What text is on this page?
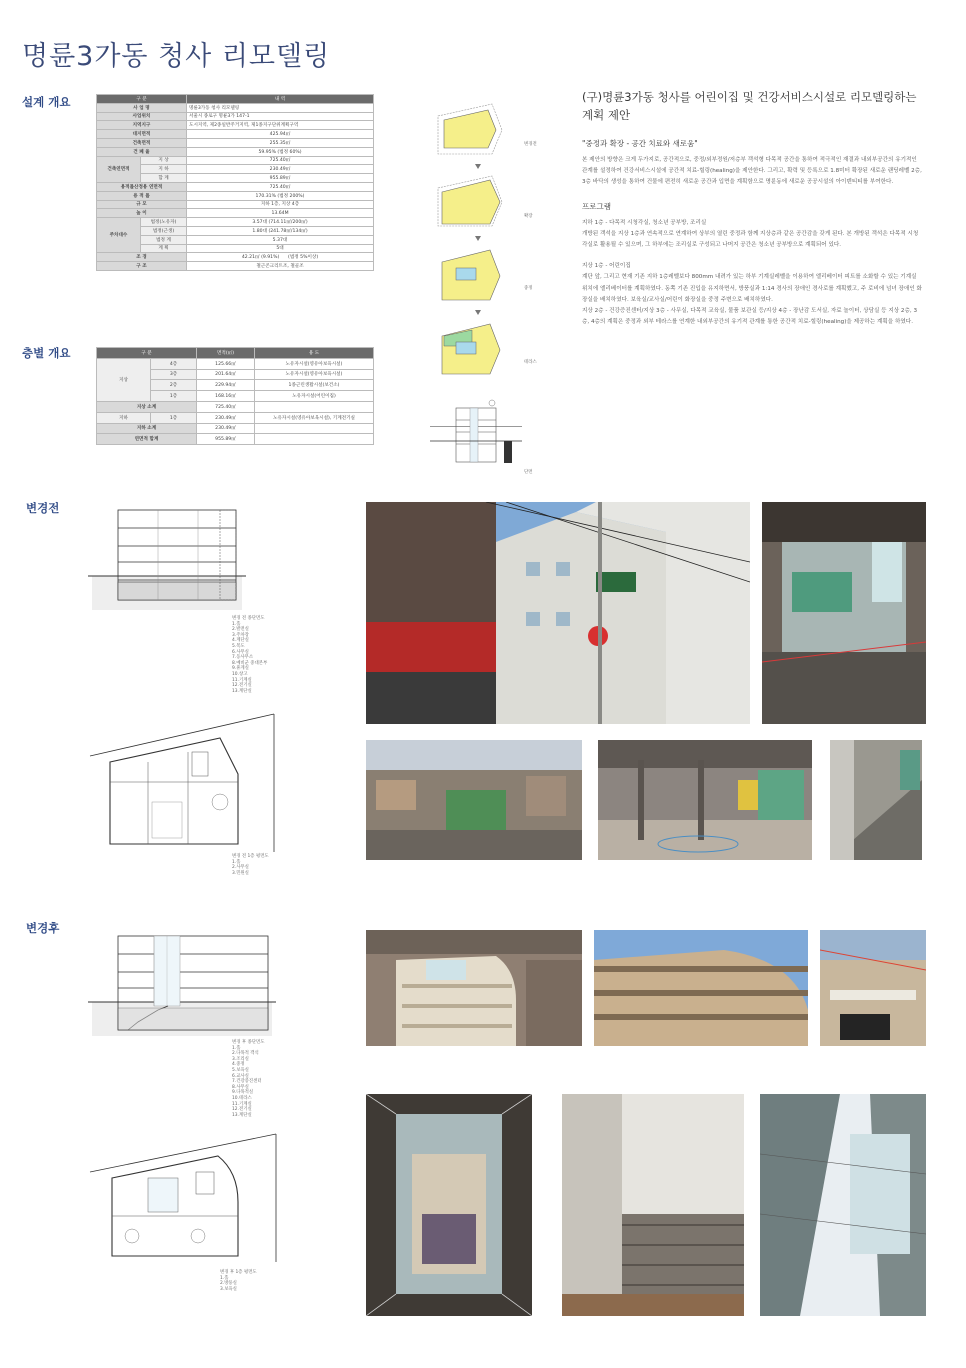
명륜3가동 청사 리모델링
설계 개요
층별 개요
변경전
변경후
구 분		내 역
사 업 명		명륜3가동 청사 리모델링
사업위치		서울시 종로구 명륜3가 147-1
지역지구		도시지역, 제2종일반주거지역, 제1종지구단위계획구역
대지면적		425.94㎡
건축면적		255.35㎡
건 폐 율		59.95% (법정 60%)
건축연면적	지 상	725.40㎡
	지 하	230.49㎡
	합 계	955.89㎡
용적률산정용 연면적		725.40㎡
용 적 률		170.31% (법정 200%)
규 모		지하 1층, 지상 4층
높 이		13.64M
주차대수	법정(노유자)	3.57대 (714.11㎡/200㎡)
	법정(근생)	1.80대 (241.78㎡/134㎡)
	법정 계	5.37대
	계 획	5대
조 경		42.21㎡ (9.91%) (법정 5%이상)
구 조		철근콘크리트조, 철골조
구 분		면적(㎡)	용 도
지상	4층	125.66㎡	노유자시설(영유아보육시설)
	3층	201.64㎡	노유자시설(영유아보육시설)
	2층	229.94㎡	1종근린생활시설(보건소)
	1층	168.16㎡	노유자시설(어린이집)
지상 소계		725.40㎡	
지하	1층	230.49㎡	노유자시설(영유아보육시설), 기계전기실
지하 소계		230.49㎡	
연면적 합계		955.89㎡	
변경전
확장
중정
테라스
단면
(구)명륜3가동 청사를 어린이집 및 건강서비스시설로 리모델링하는 계획 제안
"중정과 확장 - 공간 치료와 새로움"
본 제안의 방향은 크게 두가지로, 공간적으로, 중정/외부정원/저층부 객석형 다목적 공간을 통하여 적극적인 재결과 내외부공간의 유기적인 관계를 설정하여 건강서비스시설에 공간적 치료-힐링(healing)을 제안한다. 그리고, 확력 및 등록으로 1.8미터 확장된 새로운 랜딩레벨 2층, 3층 바닥의 생성을 통하여 건물에 편전히 새로운 공간과 입면을 계획함으로 명륜동에 새로운 공공시설의 아이덴티티를 부여한다.
프로그램
지하 1층 - 다목적 시청각실, 청소년 공부방, 조리실
개방된 객석을 지상 1층과 연속적으로 연계하여 상부의 열린 중정과 함께 지상층과 같은 공간감을 갖게 된다. 본 개방된 객석은 다목적 시청각실로 활용될 수 있으며, 그 하부에는 조리실로 구성되고 나머지 공간은 청소년 공부방으로 계획되어 있다.
지상 1층 - 어린이집
계단 앞, 그리고 현재 기존 지하 1층레벨보다 800mm 내려가 있는 하부 기계실레벨을 이용하여 엘리베이터 피트를 소화할 수 있는 기계실 위치에 엘리베이터를 계획하였다. 동쪽 기존 진입을 유지하면서, 방풍실과 1:14 경사의 장애인 경사로를 계획했고, 주 로비에 넘녀 장애인 화장실을 배치하였다. 보육실/교사실/어린이 화장실을 중정 주변으로 배치하였다.
지상 2층 - 건강증진센터/지상 3층 - 사무실, 다목적 교육실, 물품 보관실 등/지상 4층 - 장난감 도서실, 자료 놀이터, 상담실 등 지상 2층, 3층, 4층의 계획은 중정과 외부 테라스를 연계한 내외부공간의 유기적 관계를 통한 공간적 치료-힐링(healing)을 제공하는 계획을 하였다.
변경 전 종단면도
1.홀
2.발전실
3.주차장
4.계단실
5.복도
6.사무실
7.동사무소
8.예비군 중대본부
9.휴게실
10.창고
11.기계실
12.전기실
13.계단실
변경 전 1층 평면도
1.홀
2.사무실
3.민원실
변경 후 종단면도
1.홀
2.다목적 객석
3.조리실
4.중정
5.보육실
6.교사실
7.건강증진센터
8.사무실
9.다목적실
10.테라스
11.기계실
12.전기실
13.계단실
변경 후 1층 평면도
1.홀
2.방풍실
3.보육실
